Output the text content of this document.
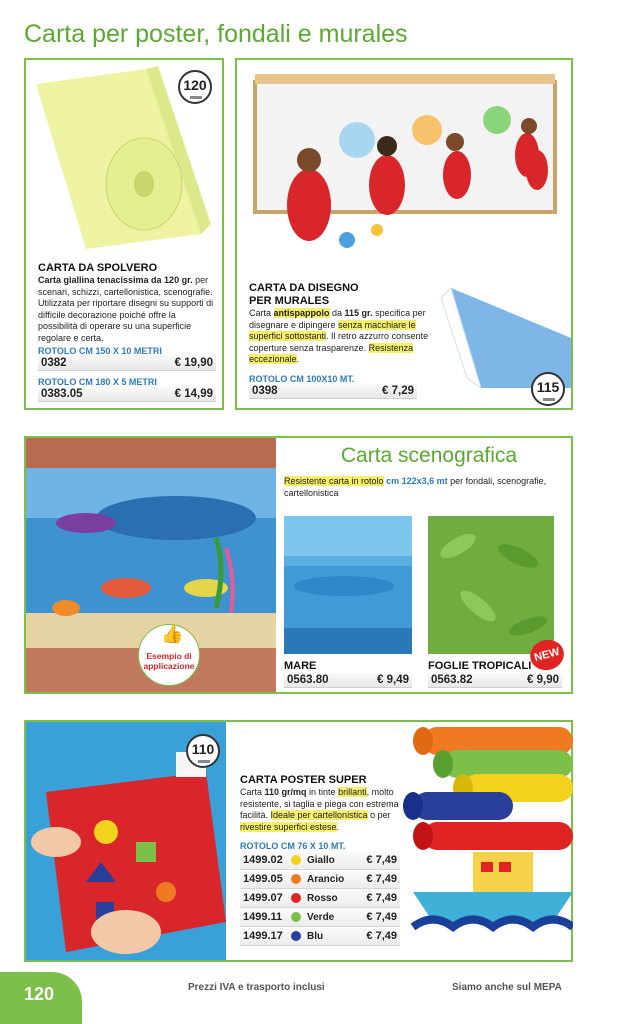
Carta per poster, fondali e murales
120
CARTA DA SPOLVERO
Carta giallina tenacissima da 120 gr. per scenari, schizzi, cartellonistica, scenografie. Utilizzata per riportare disegni su supporti di difficile decorazione poiché offre la possibilità di operare su una superficie regolare e certa.
ROTOLO CM 150 X 10 METRI
0382	€ 19,90
ROTOLO CM 180 X 5 METRI
0383.05	€ 14,99
CARTA DA DISEGNO
PER MURALES
Carta antispappolo da 115 gr. specifica per disegnare e dipingere senza macchiare le superfici sottostanti. Il retro azzurro consente coperture senza trasparenze. Resistenza eccezionale.
ROTOLO CM 100X10 MT.
0398	€ 7,29	115
👍
Esempio di applicazione
Carta scenografica
Resistente carta in rotolo cm 122x3,6 mt per fondali, scenografie, cartellonistica
NEW
MARE
0563.80	€ 9,49
FOGLIE TROPICALI
0563.82	€ 9,90
110
CARTA POSTER SUPER
Carta 110 gr/mq in tinte brillanti, molto resistente, si taglia e piega con estrema facilità. Ideale per cartellonistica o per rivestire superfici estese.
ROTOLO CM 76 X 10 MT.
1499.02	Giallo	€ 7,49
1499.05	Arancio	€ 7,49
1499.07	Rosso	€ 7,49
1499.11	Verde	€ 7,49
1499.17	Blu	€ 7,49
120	Prezzi IVA e trasporto inclusi	Siamo anche sul MEPA
